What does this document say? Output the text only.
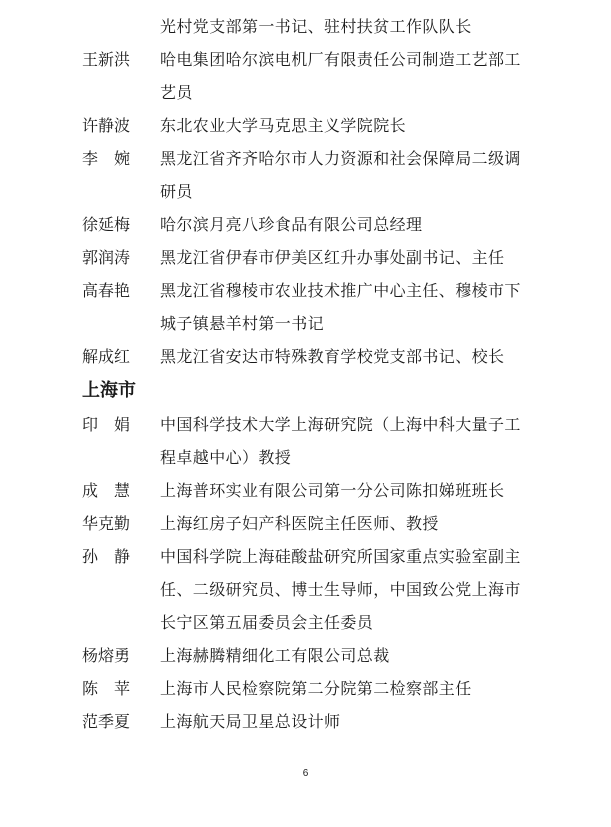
光村党支部第一书记、驻村扶贫工作队队长
王新洪	哈电集团哈尔滨电机厂有限责任公司制造工艺部工
艺员
许静波	东北农业大学马克思主义学院院长
李　婉	黑龙江省齐齐哈尔市人力资源和社会保障局二级调
研员
徐延梅	哈尔滨月亮八珍食品有限公司总经理
郭润涛	黑龙江省伊春市伊美区红升办事处副书记、主任
高春艳	黑龙江省穆棱市农业技术推广中心主任、穆棱市下
城子镇悬羊村第一书记
解成红	黑龙江省安达市特殊教育学校党支部书记、校长
上海市
印　娟	中国科学技术大学上海研究院（上海中科大量子工
程卓越中心）教授
成　慧	上海普环实业有限公司第一分公司陈扣娣班班长
华克勤	上海红房子妇产科医院主任医师、教授
孙　静	中国科学院上海硅酸盐研究所国家重点实验室副主
任、二级研究员、博士生导师，中国致公党上海市
长宁区第五届委员会主任委员
杨熔勇	上海赫腾精细化工有限公司总裁
陈　苹	上海市人民检察院第二分院第二检察部主任
范季夏	上海航天局卫星总设计师
6
